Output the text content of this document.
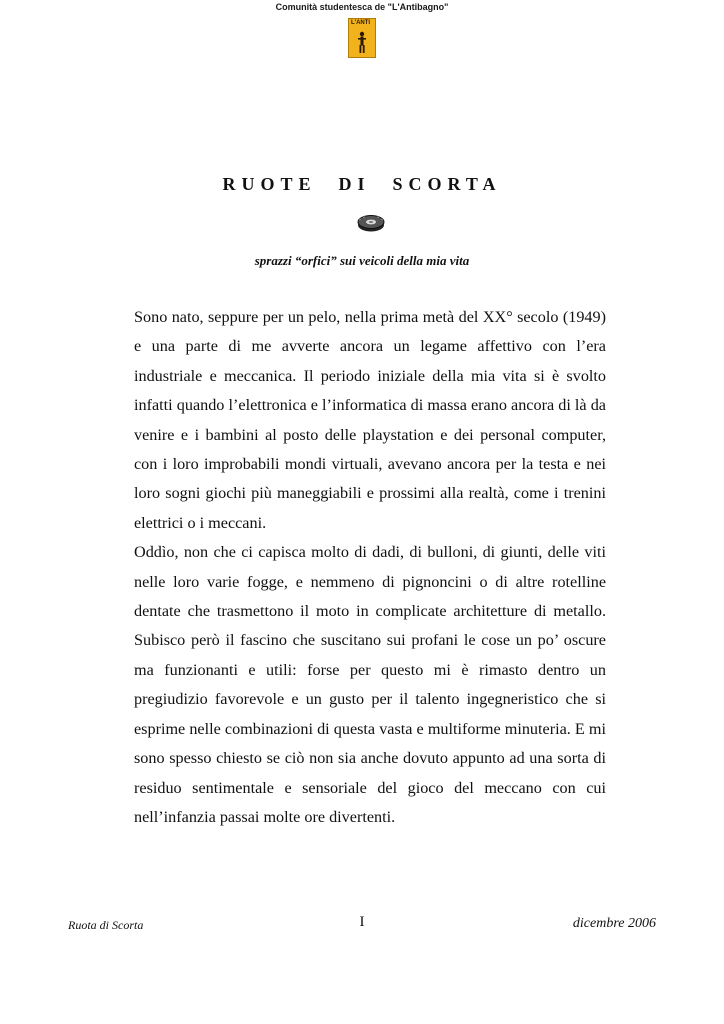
Comunità studentesca de "L'Antibagno"
L'ANTI
RUOTE DI SCORTA
sprazzi “orfici” sui veicoli della mia vita

Sono nato, seppure per un pelo, nella prima metà del XX° secolo (1949) e una parte di me avverte ancora un legame affettivo con l’era industriale e meccanica. Il periodo iniziale della mia vita si è svolto infatti quando l’elettronica e l’informatica di massa erano ancora di là da venire e i bambini al posto delle playstation e dei personal computer, con i loro improbabili mondi virtuali, avevano ancora per la testa e nei loro sogni giochi più maneggiabili e prossimi alla realtà, come i trenini elettrici o i meccani.

Oddìo, non che ci capisca molto di dadi, di bulloni, di giunti, delle viti nelle loro varie fogge, e nemmeno di pignoncini o di altre rotelline dentate che trasmettono il moto in complicate architetture di metallo. Subisco però il fascino che suscitano sui profani le cose un po’ oscure ma funzionanti e utili: forse per questo mi è rimasto dentro un pregiudizio favorevole e un gusto per il talento ingegneristico che si esprime nelle combinazioni di questa vasta e multiforme minuteria. E mi sono spesso chiesto se ciò non sia anche dovuto appunto ad una sorta di residuo sentimentale e sensoriale del gioco del meccano con cui nell’infanzia passai molte ore divertenti.

Ruota di Scorta	I	dicembre 2006
